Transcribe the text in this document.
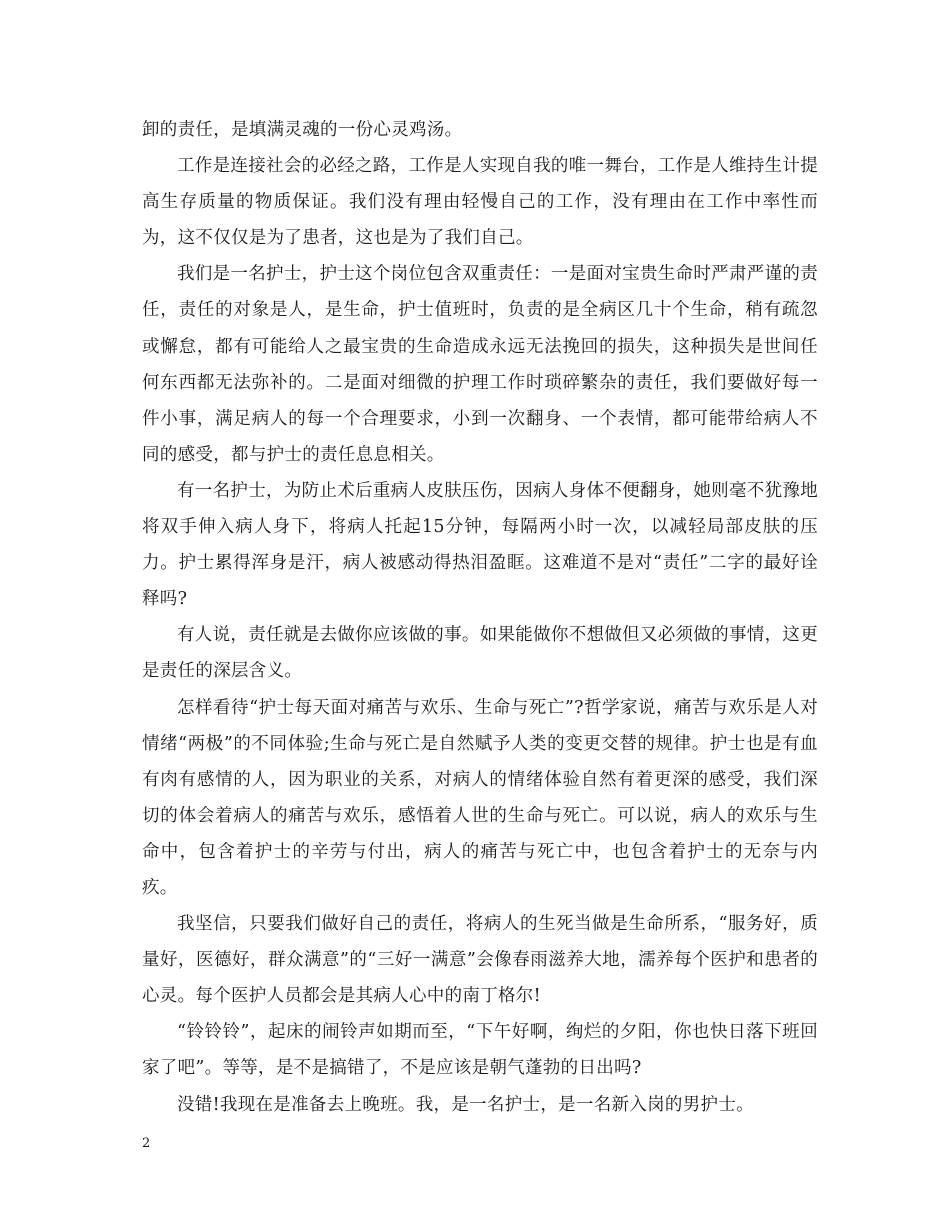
卸的责任，是填满灵魂的一份心灵鸡汤。

工作是连接社会的必经之路，工作是人实现自我的唯一舞台，工作是人维持生计提高生存质量的物质保证。我们没有理由轻慢自己的工作，没有理由在工作中率性而为，这不仅仅是为了患者，这也是为了我们自己。

我们是一名护士，护士这个岗位包含双重责任：一是面对宝贵生命时严肃严谨的责任，责任的对象是人，是生命，护士值班时，负责的是全病区几十个生命，稍有疏忽或懈怠，都有可能给人之最宝贵的生命造成永远无法挽回的损失，这种损失是世间任何东西都无法弥补的。二是面对细微的护理工作时琐碎繁杂的责任，我们要做好每一件小事，满足病人的每一个合理要求，小到一次翻身、一个表情，都可能带给病人不同的感受，都与护士的责任息息相关。

有一名护士，为防止术后重病人皮肤压伤，因病人身体不便翻身，她则毫不犹豫地将双手伸入病人身下，将病人托起15分钟，每隔两小时一次，以减轻局部皮肤的压力。护士累得浑身是汗，病人被感动得热泪盈眶。这难道不是对“责任”二字的最好诠释吗?

有人说，责任就是去做你应该做的事。如果能做你不想做但又必须做的事情，这更是责任的深层含义。

怎样看待“护士每天面对痛苦与欢乐、生命与死亡”?哲学家说，痛苦与欢乐是人对情绪“两极”的不同体验;生命与死亡是自然赋予人类的变更交替的规律。护士也是有血有肉有感情的人，因为职业的关系，对病人的情绪体验自然有着更深的感受，我们深切的体会着病人的痛苦与欢乐，感悟着人世的生命与死亡。可以说，病人的欢乐与生命中，包含着护士的辛劳与付出，病人的痛苦与死亡中，也包含着护士的无奈与内疚。

我坚信，只要我们做好自己的责任，将病人的生死当做是生命所系，“服务好，质量好，医德好，群众满意”的“三好一满意”会像春雨滋养大地，濡养每个医护和患者的心灵。每个医护人员都会是其病人心中的南丁格尔!

“铃铃铃”，起床的闹铃声如期而至，“下午好啊，绚烂的夕阳，你也快日落下班回家了吧”。等等，是不是搞错了，不是应该是朝气蓬勃的日出吗?

没错!我现在是准备去上晚班。我，是一名护士，是一名新入岗的男护士。

2
